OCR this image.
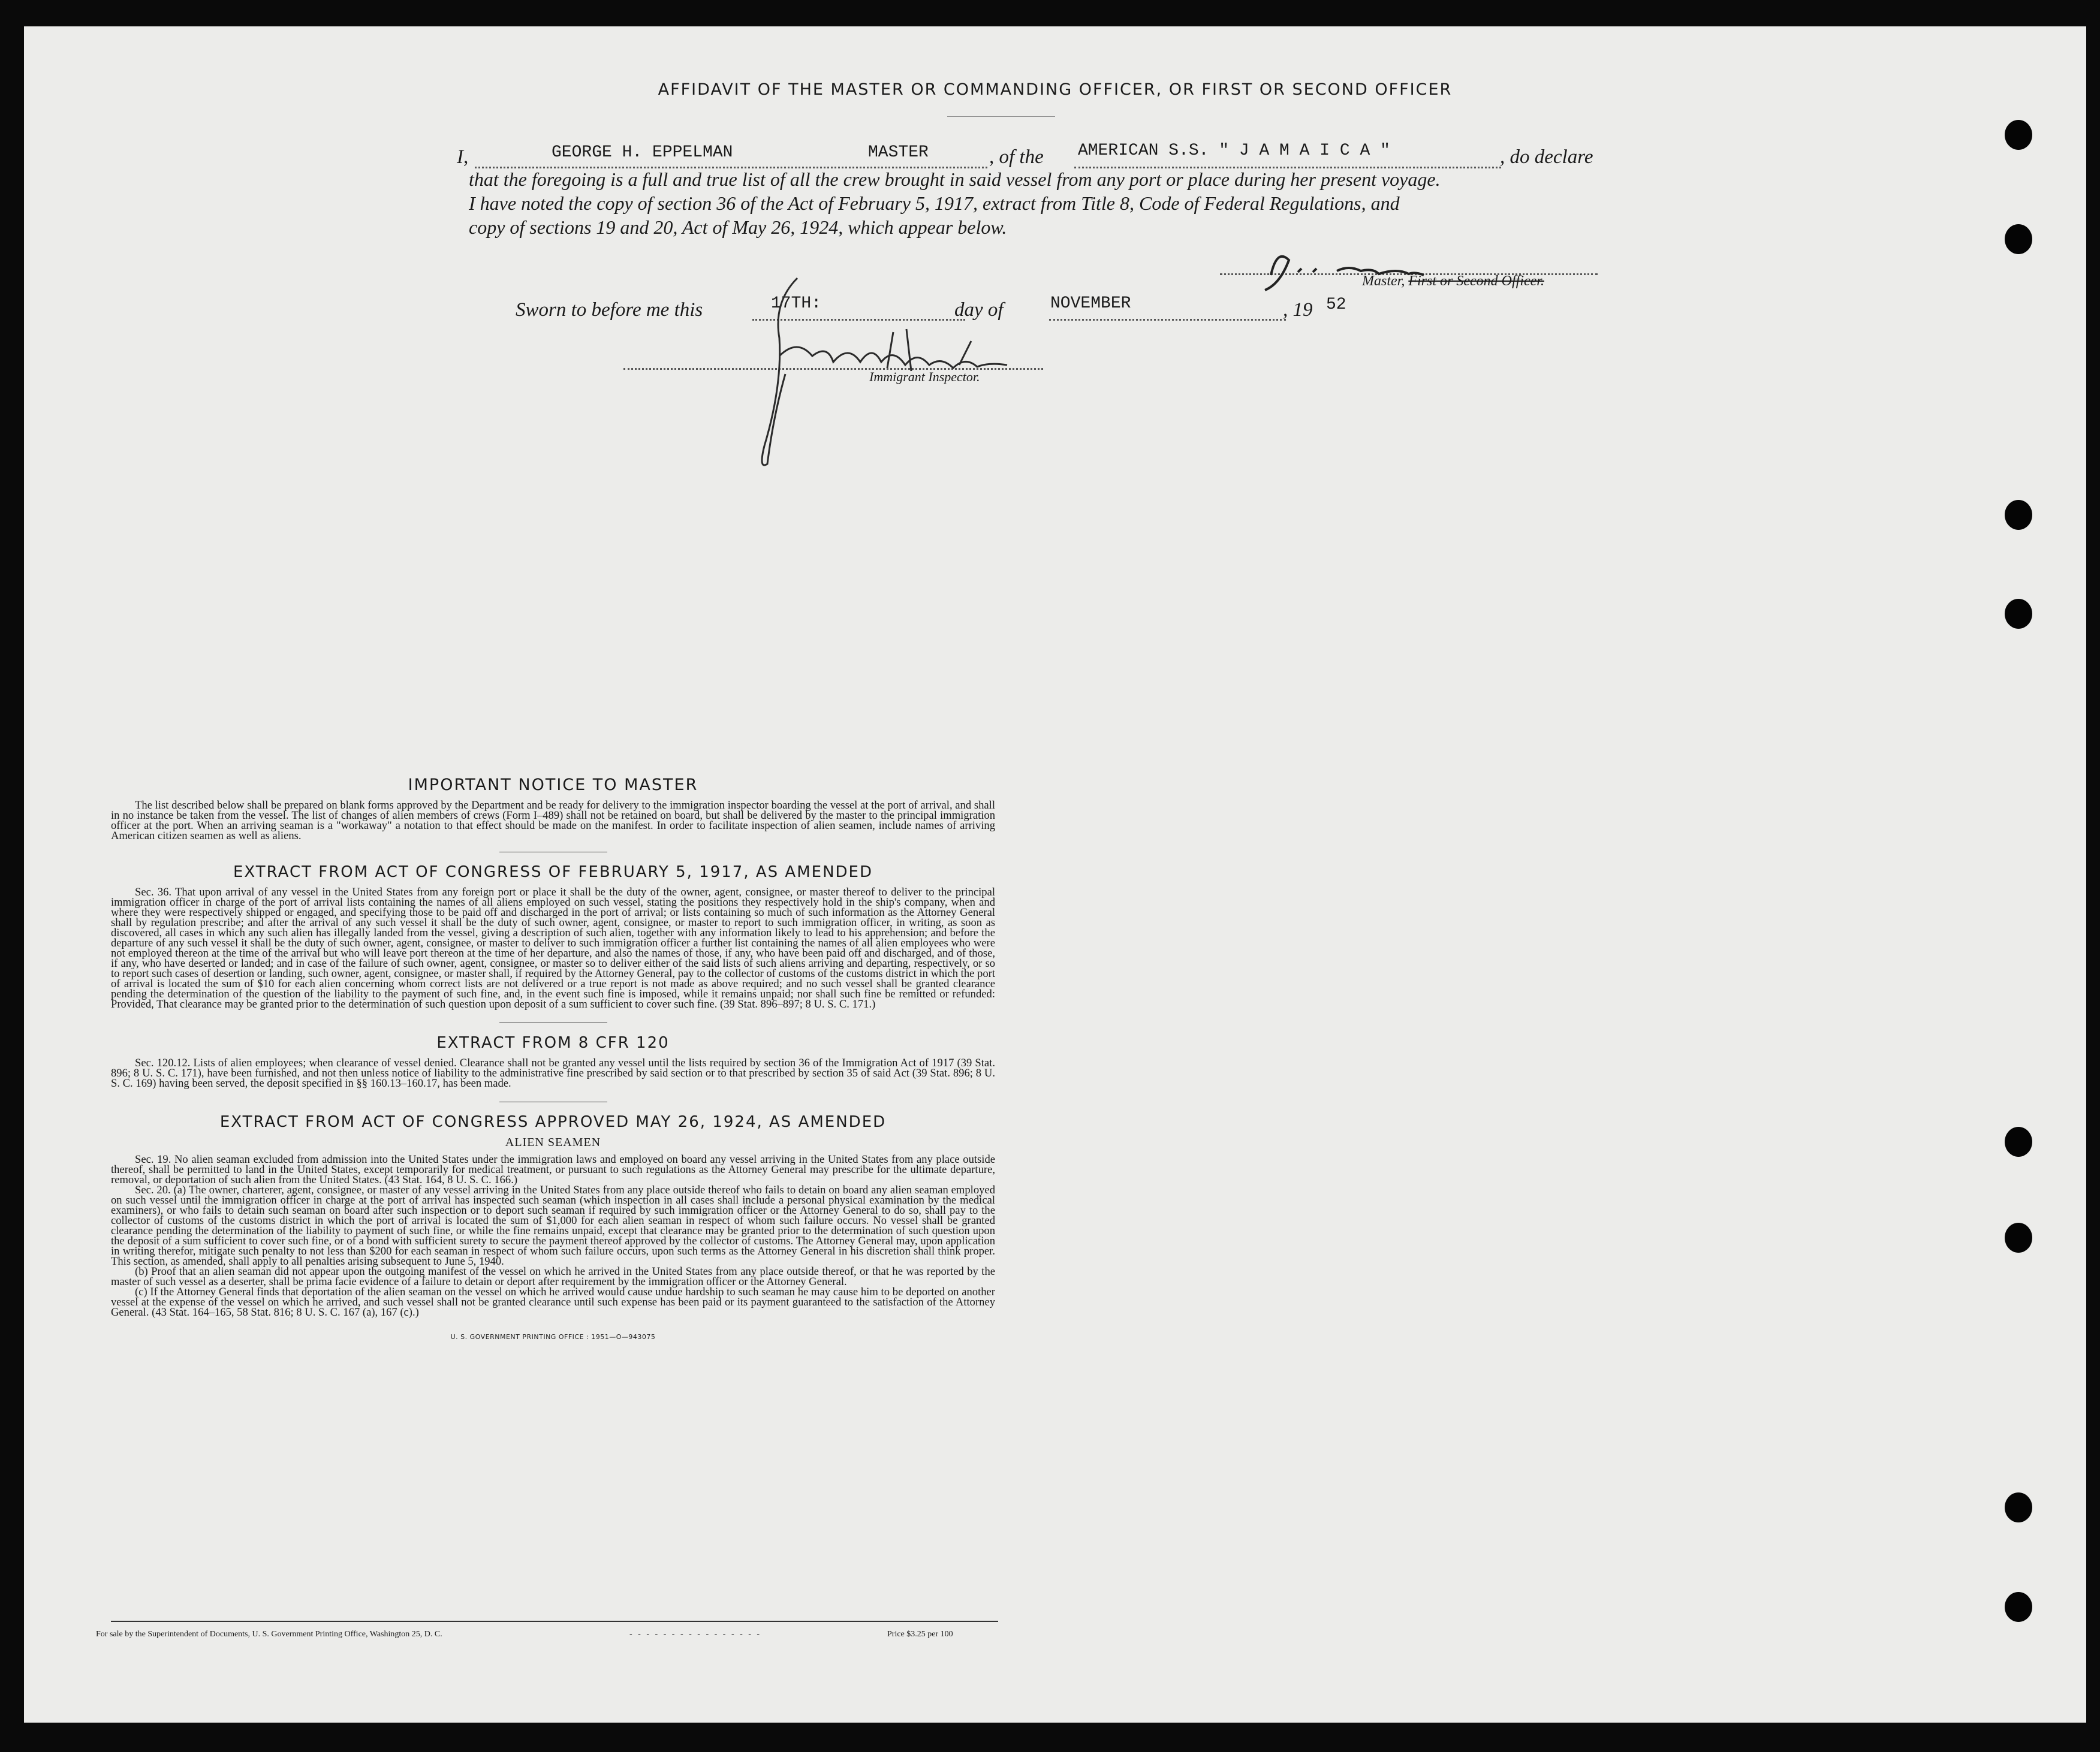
AFFIDAVIT OF THE MASTER OR COMMANDING OFFICER, OR FIRST OR SECOND OFFICER
I,	GEORGE H. EPPELMAN	MASTER	, of the AMERICAN S.S. " J A M A I C A "	, do declare
that the foregoing is a full and true list of all the crew brought in said vessel from any port or place during her present voyage.
I have noted the copy of section 36 of the Act of February 5, 1917, extract from Title 8, Code of Federal Regulations, and
copy of sections 19 and 20, Act of May 26, 1924, which appear below.
Master, First or Second Officer.
Sworn to before me this	17TH:	day of	NOVEMBER	, 19 52
Immigrant Inspector.
IMPORTANT NOTICE TO MASTER

The list described below shall be prepared on blank forms approved by the Department and be ready for delivery to the immigration inspector boarding the vessel at the port of arrival, and shall in no instance be taken from the vessel. The list of changes of alien members of crews (Form I–489) shall not be retained on board, but shall be delivered by the master to the principal immigration officer at the port. When an arriving seaman is a "workaway" a notation to that effect should be made on the manifest. In order to facilitate inspection of alien seamen, include names of arriving American citizen seamen as well as aliens.

EXTRACT FROM ACT OF CONGRESS OF FEBRUARY 5, 1917, AS AMENDED

Sec. 36. That upon arrival of any vessel in the United States from any foreign port or place it shall be the duty of the owner, agent, consignee, or master thereof to deliver to the principal immigration officer in charge of the port of arrival lists containing the names of all aliens employed on such vessel, stating the positions they respectively hold in the ship's company, when and where they were respectively shipped or engaged, and specifying those to be paid off and discharged in the port of arrival; or lists containing so much of such information as the Attorney General shall by regulation prescribe; and after the arrival of any such vessel it shall be the duty of such owner, agent, consignee, or master to report to such immigration officer, in writing, as soon as discovered, all cases in which any such alien has illegally landed from the vessel, giving a description of such alien, together with any information likely to lead to his apprehension; and before the departure of any such vessel it shall be the duty of such owner, agent, consignee, or master to deliver to such immigration officer a further list containing the names of all alien employees who were not employed thereon at the time of the arrival but who will leave port thereon at the time of her departure, and also the names of those, if any, who have been paid off and discharged, and of those, if any, who have deserted or landed; and in case of the failure of such owner, agent, consignee, or master so to deliver either of the said lists of such aliens arriving and departing, respectively, or so to report such cases of desertion or landing, such owner, agent, consignee, or master shall, if required by the Attorney General, pay to the collector of customs of the customs district in which the port of arrival is located the sum of $10 for each alien concerning whom correct lists are not delivered or a true report is not made as above required; and no such vessel shall be granted clearance pending the determination of the question of the liability to the payment of such fine, and, in the event such fine is imposed, while it remains unpaid; nor shall such fine be remitted or refunded: Provided, That clearance may be granted prior to the determination of such question upon deposit of a sum sufficient to cover such fine. (39 Stat. 896–897; 8 U. S. C. 171.)

EXTRACT FROM 8 CFR 120

Sec. 120.12. Lists of alien employees; when clearance of vessel denied. Clearance shall not be granted any vessel until the lists required by section 36 of the Immigration Act of 1917 (39 Stat. 896; 8 U. S. C. 171), have been furnished, and not then unless notice of liability to the administrative fine prescribed by said section or to that prescribed by section 35 of said Act (39 Stat. 896; 8 U. S. C. 169) having been served, the deposit specified in §§ 160.13–160.17, has been made.

EXTRACT FROM ACT OF CONGRESS APPROVED MAY 26, 1924, AS AMENDED
ALIEN SEAMEN

Sec. 19. No alien seaman excluded from admission into the United States under the immigration laws and employed on board any vessel arriving in the United States from any place outside thereof, shall be permitted to land in the United States, except temporarily for medical treatment, or pursuant to such regulations as the Attorney General may prescribe for the ultimate departure, removal, or deportation of such alien from the United States. (43 Stat. 164, 8 U. S. C. 166.)

Sec. 20. (a) The owner, charterer, agent, consignee, or master of any vessel arriving in the United States from any place outside thereof who fails to detain on board any alien seaman employed on such vessel until the immigration officer in charge at the port of arrival has inspected such seaman (which inspection in all cases shall include a personal physical examination by the medical examiners), or who fails to detain such seaman on board after such inspection or to deport such seaman if required by such immigration officer or the Attorney General to do so, shall pay to the collector of customs of the customs district in which the port of arrival is located the sum of $1,000 for each alien seaman in respect of whom such failure occurs. No vessel shall be granted clearance pending the determination of the liability to payment of such fine, or while the fine remains unpaid, except that clearance may be granted prior to the determination of such question upon the deposit of a sum sufficient to cover such fine, or of a bond with sufficient surety to secure the payment thereof approved by the collector of customs. The Attorney General may, upon application in writing therefor, mitigate such penalty to not less than $200 for each seaman in respect of whom such failure occurs, upon such terms as the Attorney General in his discretion shall think proper. This section, as amended, shall apply to all penalties arising subsequent to June 5, 1940.

(b) Proof that an alien seaman did not appear upon the outgoing manifest of the vessel on which he arrived in the United States from any place outside thereof, or that he was reported by the master of such vessel as a deserter, shall be prima facie evidence of a failure to detain or deport after requirement by the immigration officer or the Attorney General.

(c) If the Attorney General finds that deportation of the alien seaman on the vessel on which he arrived would cause undue hardship to such seaman he may cause him to be deported on another vessel at the expense of the vessel on which he arrived, and such vessel shall not be granted clearance until such expense has been paid or its payment guaranteed to the satisfaction of the Attorney General. (43 Stat. 164–165, 58 Stat. 816; 8 U. S. C. 167 (a), 167 (c).)

U. S. GOVERNMENT PRINTING OFFICE : 1951—O—943075
For sale by the Superintendent of Documents, U. S. Government Printing Office, Washington 25, D. C.	- - - - - - - - - - - - - - - -	Price $3.25 per 100
